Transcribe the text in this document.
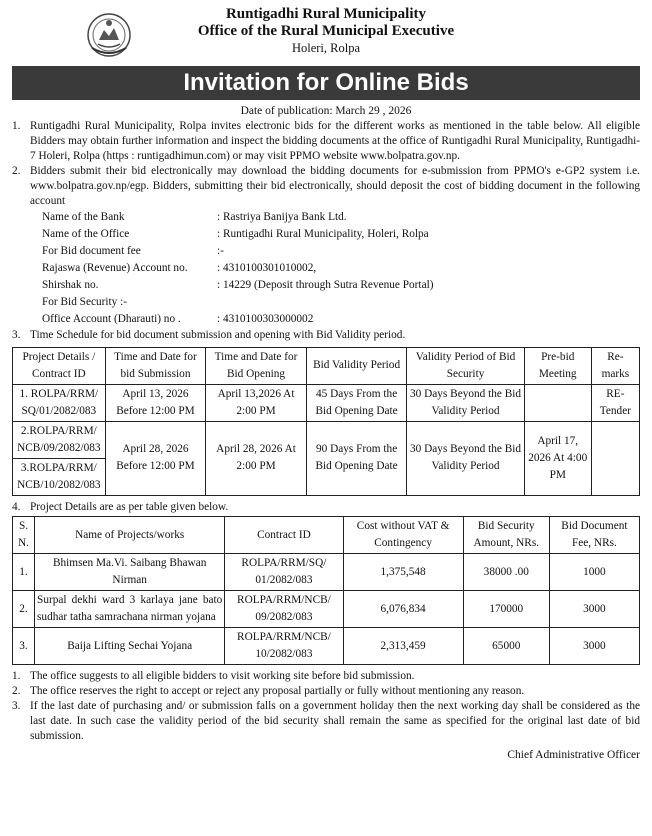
Runtigadhi Rural Municipality
Office of the Rural Municipal Executive
Holeri, Rolpa
Invitation for Online Bids
Date of publication: March 29 , 2026
1. Runtigadhi Rural Municipality, Rolpa invites electronic bids for the different works as mentioned in the table below. All eligible Bidders may obtain further information and inspect the bidding documents at the office of Runtigadhi Rural Municipality, Runtigadhi-7 Holeri, Rolpa (https : runtigadhimun.com) or may visit PPMO website www.bolpatra.gov.np.
2. Bidders submit their bid electronically may download the bidding documents for e-submission from PPMO's e-GP2 system i.e. www.bolpatra.gov.np/egp. Bidders, submitting their bid electronically, should deposit the cost of bidding document in the following account
Name of the Bank	: Rastriya Banijya Bank Ltd.
Name of the Office	: Runtigadhi Rural Municipality, Holeri, Rolpa
For Bid document fee	:-
Rajaswa (Revenue) Account no.	: 4310100301010002,
Shirshak no.	: 14229 (Deposit through Sutra Revenue Portal)
For Bid Security :-
Office Account (Dharauti) no .	: 4310100303000002
3. Time Schedule for bid document submission and opening with Bid Validity period.
Project Details / Contract ID	Time and Date for bid Submission	Time and Date for Bid Opening	Bid Validity Period	Validity Period of Bid Security	Pre-bid Meeting	Re-marks
1. ROLPA/RRM/ SQ/01/2082/083	April 13, 2026 Before 12:00 PM	April 13,2026 At 2:00 PM	45 Days From the Bid Opening Date	30 Days Beyond the Bid Validity Period		RE-Tender

2.ROLPA/RRM/ NCB/09/2082/083
3.ROLPA/RRM/ NCB/10/2082/083	April 28, 2026 Before 12:00 PM	April 28, 2026 At 2:00 PM	90 Days From the Bid Opening Date	30 Days Beyond the Bid Validity Period	April 17, 2026 At 4:00 PM	
4. Project Details are as per table given below.
S. N.	Name of Projects/works	Contract ID	Cost without VAT & Contingency	Bid Security Amount, NRs.	Bid Document Fee, NRs.
1.	Bhimsen Ma.Vi. Saibang Bhawan Nirman	ROLPA/RRM/SQ/ 01/2082/083	1,375,548	38000 .00	1000
2.	Surpal dekhi ward 3 karlaya jane bato sudhar tatha samrachana nirman yojana	ROLPA/RRM/NCB/ 09/2082/083	6,076,834	170000	3000
3.	Baija Lifting Sechai Yojana	ROLPA/RRM/NCB/ 10/2082/083	2,313,459	65000	3000
1. The office suggests to all eligible bidders to visit working site before bid submission.
2. The office reserves the right to accept or reject any proposal partially or fully without mentioning any reason.
3. If the last date of purchasing and/ or submission falls on a government holiday then the next working day shall be considered as the last date. In such case the validity period of the bid security shall remain the same as specified for the original last date of bid submission.
Chief Administrative Officer
